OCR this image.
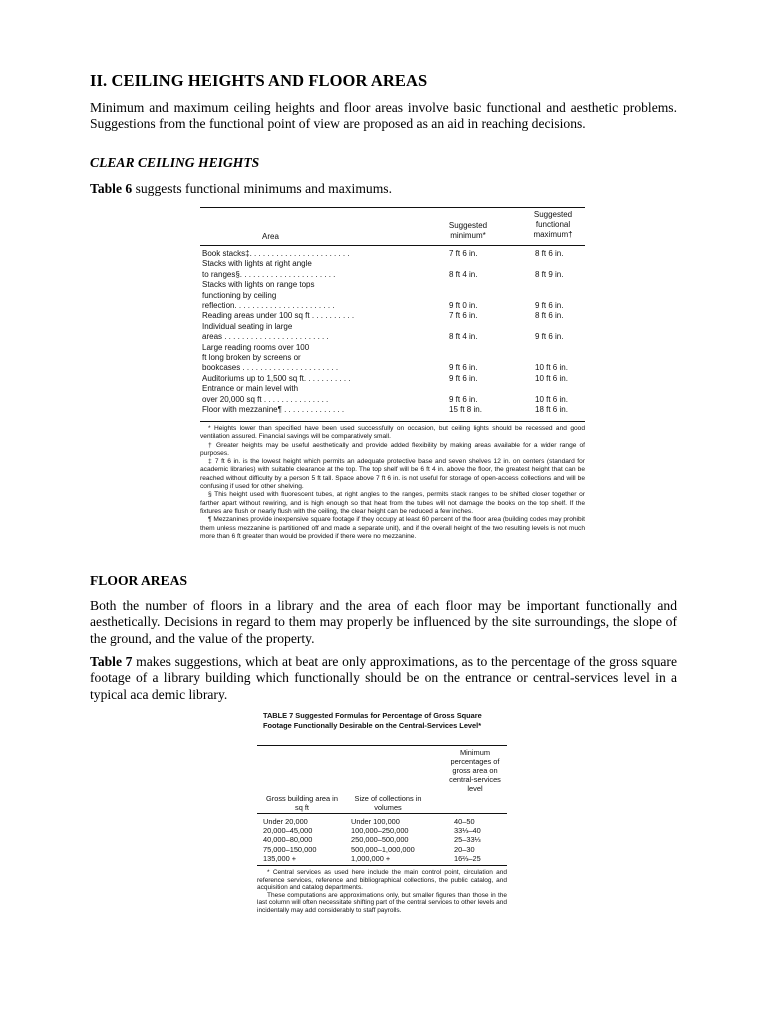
II. CEILING HEIGHTS AND FLOOR AREAS
Minimum and maximum ceiling heights and floor areas involve basic functional and aesthetic problems. Suggestions from the functional point of view are proposed as an aid in reaching decisions.
CLEAR CEILING HEIGHTS
Table 6 suggests functional minimums and maximums.
Area
Suggested minimum*
Suggested functional maximum†
Book stacks‡. . . . . . . . . . . . . . . . . . . . . . .	7 ft 6 in.	8 ft 6 in.
Stacks with lights at right angle
to ranges§. . . . . . . . . . . . . . . . . . . . . .	8 ft 4 in.	8 ft 9 in.
Stacks with lights on range tops
functioning by ceiling
reflection. . . . . . . . . . . . . . . . . . . . . . .	9 ft 0 in.	9 ft 6 in.
Reading areas under 100 sq ft . . . . . . . . . .	7 ft 6 in.	8 ft 6 in.
Individual seating in large
areas . . . . . . . . . . . . . . . . . . . . . . . .	8 ft 4 in.	9 ft 6 in.
Large reading rooms over 100
ft long broken by screens or
bookcases . . . . . . . . . . . . . . . . . . . . . .	9 ft 6 in.	10 ft 6 in.
Auditoriums up to 1,500 sq ft. . . . . . . . . . .	9 ft 6 in.	10 ft 6 in.
Entrance or main level with
over 20,000 sq ft . . . . . . . . . . . . . . .	9 ft 6 in.	10 ft 6 in.
Floor with mezzanine¶ . . . . . . . . . . . . . .	15 ft 8 in.	18 ft 6 in.
* Heights lower than specified have been used successfully on occasion, but ceiling lights should be recessed and good ventilation assured. Financial savings will be comparatively small.
† Greater heights may be useful aesthetically and provide added flexibility by making areas available for a wider range of purposes.
‡ 7 ft 6 in. is the lowest height which permits an adequate protective base and seven shelves 12 in. on centers (standard for academic libraries) with suitable clearance at the top. The top shelf will be 6 ft 4 in. above the floor, the greatest height that can be reached without difficulty by a person 5 ft tall. Space above 7 ft 6 in. is not useful for storage of open-access collections and will be confusing if used for other shelving.
§ This height used with fluorescent tubes, at right angles to the ranges, permits stack ranges to be shifted closer together or farther apart without rewiring, and is high enough so that heat from the tubes will not damage the books on the top shelf. If the fixtures are flush or nearly flush with the ceiling, the clear height can be reduced a few inches.
¶ Mezzanines provide inexpensive square footage if they occupy at least 60 percent of the floor area (building codes may prohibit them unless mezzanine is partitioned off and made a separate unit), and if the overall height of the two resulting levels is not much more than 6 ft greater than would be provided if there were no mezzanine.
FLOOR AREAS
Both the number of floors in a library and the area of each floor may be important functionally and aesthetically. Decisions in regard to them may properly be influenced by the site surroundings, the slope of the ground, and the value of the property.
Table 7 makes suggestions, which at beat are only approximations, as to the percentage of the gross square footage of a library building which functionally should be on the entrance or central-services level in a typical aca demic library.
TABLE 7 Suggested Formulas for Percentage of Gross Square Footage Functionally Desirable on the Central-Services Level*
Gross building area in sq ft
Size of collections in volumes
Minimum percentages of gross area on central-services level
Under 20,000	Under 100,000	40–50
20,000–45,000	100,000–250,000	33⅓–40
40,000–80,000	250,000–500,000	25–33⅓
75,000–150,000	500,000–1,000,000	20–30
135,000 +	1,000,000 +	16⅔–25
* Central services as used here include the main control point, circulation and reference services, reference and bibliographical collections, the public catalog, and acquisition and catalog departments.
These computations are approximations only, but smaller figures than those in the last column will often necessitate shifting part of the central services to other levels and incidentally may add considerably to staff payrolls.
